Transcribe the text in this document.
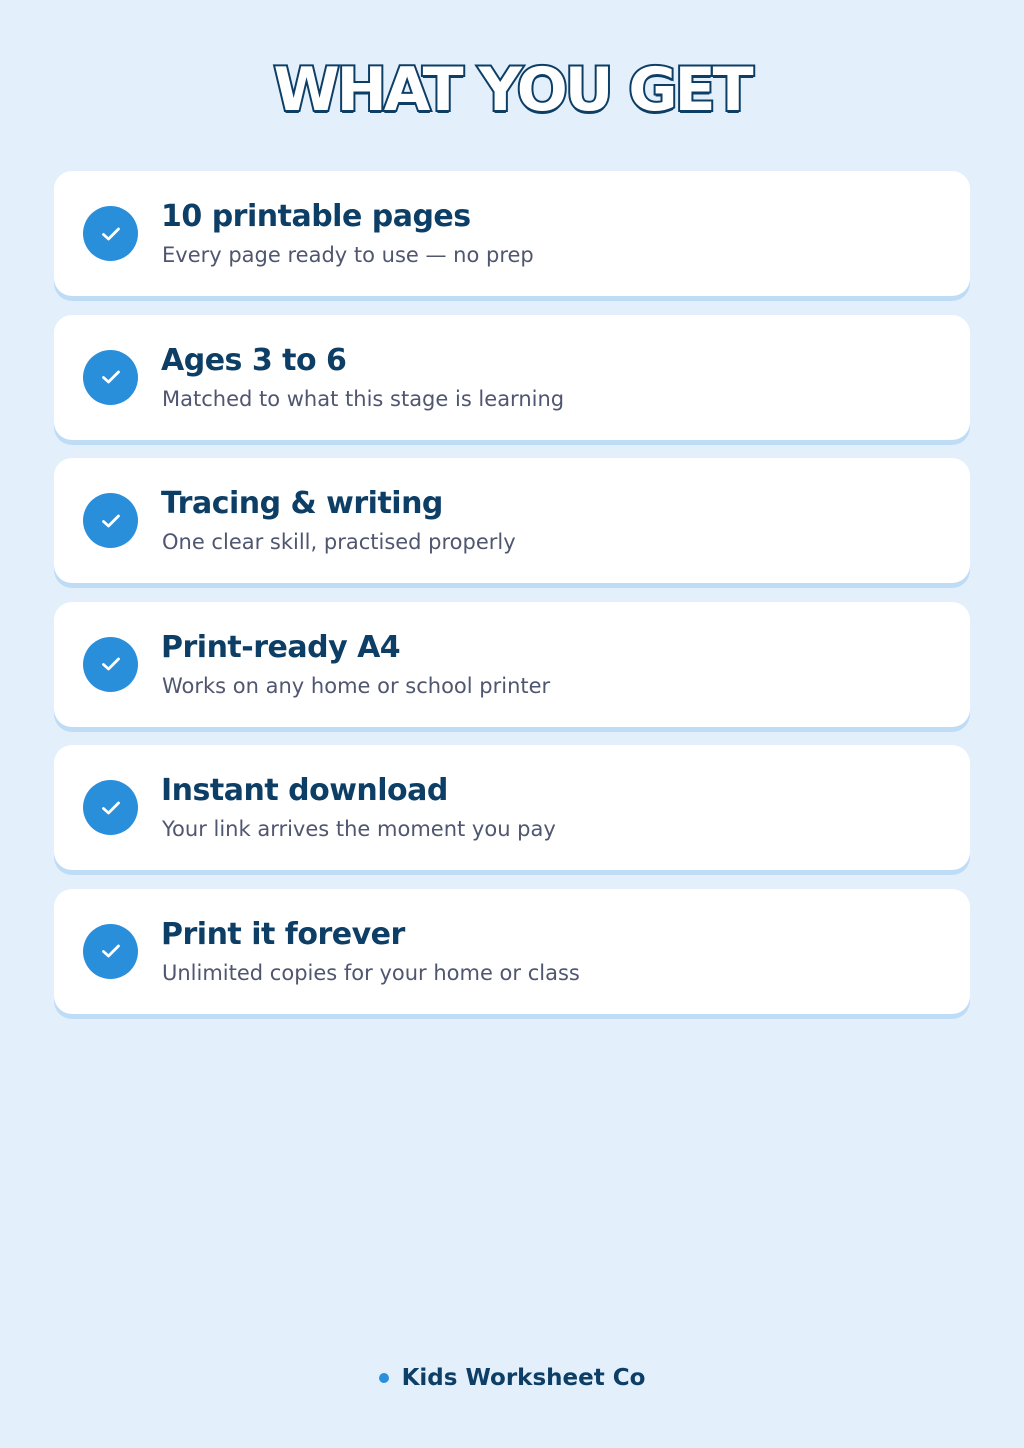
WHAT YOU GET
10 printable pages
Every page ready to use — no prep
Ages 3 to 6
Matched to what this stage is learning
Tracing & writing
One clear skill, practised properly
Print-ready A4
Works on any home or school printer
Instant download
Your link arrives the moment you pay
Print it forever
Unlimited copies for your home or class
Kids Worksheet Co
